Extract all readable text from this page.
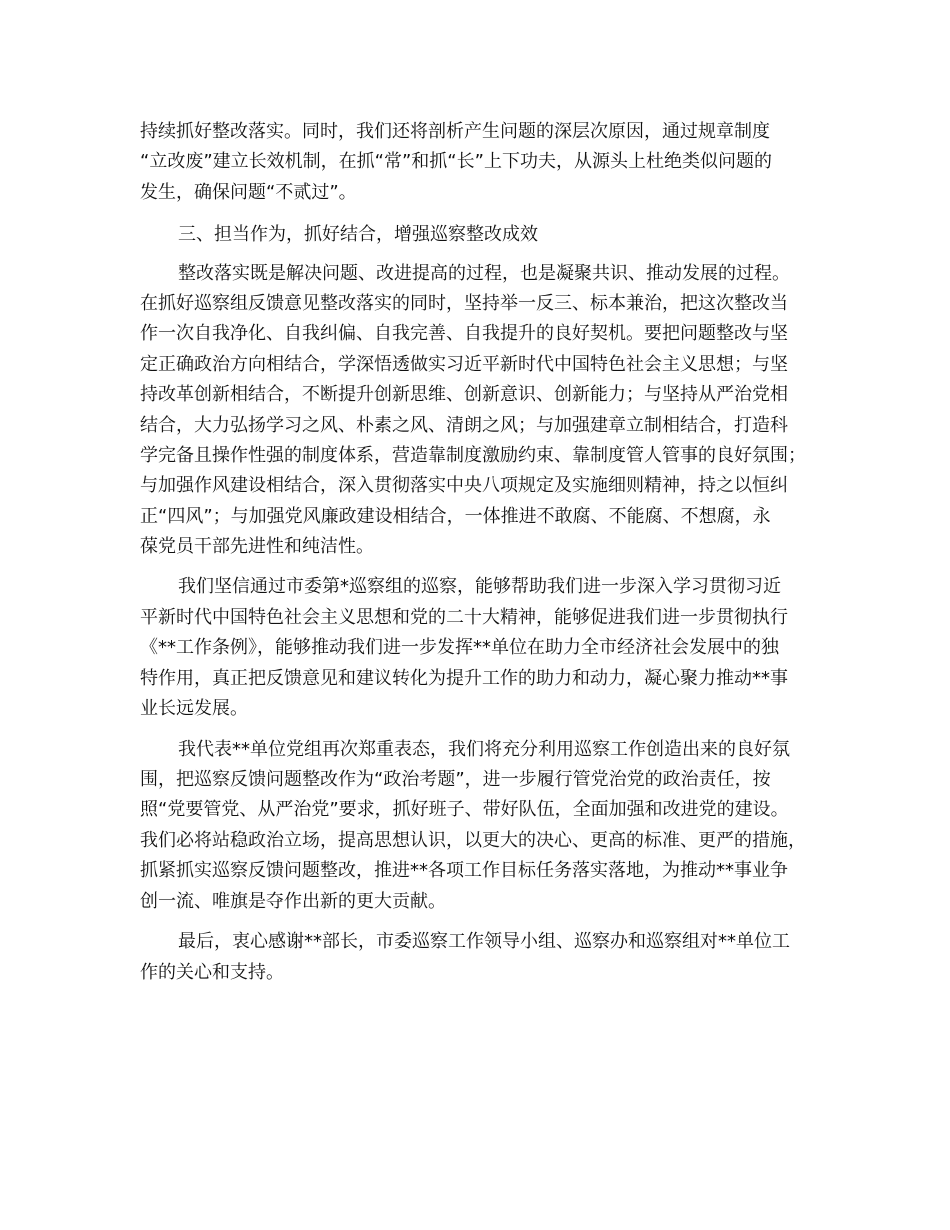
持续抓好整改落实。同时，我们还将剖析产生问题的深层次原因，通过规章制度
“立改废”建立长效机制，在抓“常”和抓“长”上下功夫，从源头上杜绝类似问题的
发生，确保问题“不贰过”。
三、担当作为，抓好结合，增强巡察整改成效
整改落实既是解决问题、改进提高的过程，也是凝聚共识、推动发展的过程。
在抓好巡察组反馈意见整改落实的同时，坚持举一反三、标本兼治，把这次整改当
作一次自我净化、自我纠偏、自我完善、自我提升的良好契机。要把问题整改与坚
定正确政治方向相结合，学深悟透做实习近平新时代中国特色社会主义思想；与坚
持改革创新相结合，不断提升创新思维、创新意识、创新能力；与坚持从严治党相
结合，大力弘扬学习之风、朴素之风、清朗之风；与加强建章立制相结合，打造科
学完备且操作性强的制度体系，营造靠制度激励约束、靠制度管人管事的良好氛围；
与加强作风建设相结合，深入贯彻落实中央八项规定及实施细则精神，持之以恒纠
正“四风”；与加强党风廉政建设相结合，一体推进不敢腐、不能腐、不想腐，永
葆党员干部先进性和纯洁性。
我们坚信通过市委第*巡察组的巡察，能够帮助我们进一步深入学习贯彻习近
平新时代中国特色社会主义思想和党的二十大精神，能够促进我们进一步贯彻执行
《**工作条例》，能够推动我们进一步发挥**单位在助力全市经济社会发展中的独
特作用，真正把反馈意见和建议转化为提升工作的助力和动力，凝心聚力推动**事
业长远发展。
我代表**单位党组再次郑重表态，我们将充分利用巡察工作创造出来的良好氛
围，把巡察反馈问题整改作为“政治考题”，进一步履行管党治党的政治责任，按
照“党要管党、从严治党”要求，抓好班子、带好队伍，全面加强和改进党的建设。
我们必将站稳政治立场，提高思想认识，以更大的决心、更高的标准、更严的措施，
抓紧抓实巡察反馈问题整改，推进**各项工作目标任务落实落地，为推动**事业争
创一流、唯旗是夺作出新的更大贡献。
最后，衷心感谢**部长，市委巡察工作领导小组、巡察办和巡察组对**单位工
作的关心和支持。
